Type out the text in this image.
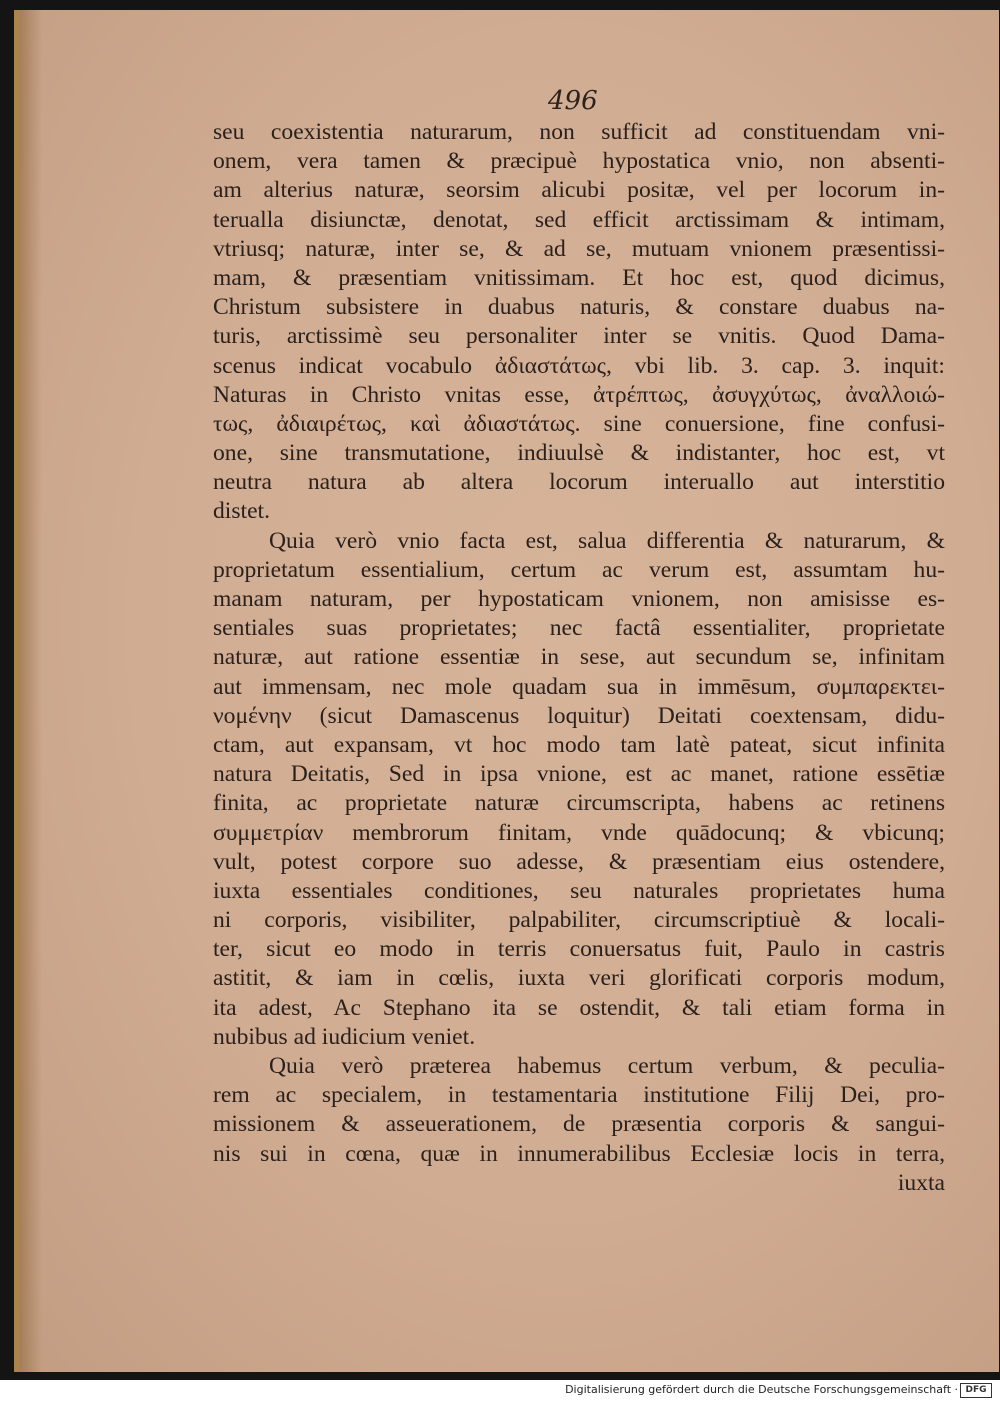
496
seu coexistentia naturarum, non sufficit ad constituendam vni-
onem, vera tamen & præcipuè hypostatica vnio, non absenti-
am alterius naturæ, seorsim alicubi positæ, vel per locorum in-
terualla disiunctæ, denotat, sed efficit arctissimam & intimam,
vtriusq; naturæ, inter se, & ad se, mutuam vnionem præsentissi-
mam, & præsentiam vnitissimam. Et hoc est, quod dicimus,
Christum subsistere in duabus naturis, & constare duabus na-
turis, arctissimè seu personaliter inter se vnitis. Quod Dama-
scenus indicat vocabulo ἀδιαστάτως, vbi lib. 3. cap. 3. inquit:
Naturas in Christo vnitas esse, ἀτρέπτως, ἀσυγχύτως, ἀναλλοιώ-
τως, ἀδιαιρέτως, καὶ ἀδιαστάτως. sine conuersione, fine confusi-
one, sine transmutatione, indiuulsè & indistanter, hoc est, vt
neutra natura ab altera locorum interuallo aut interstitio
distet.
Quia verò vnio facta est, salua differentia & naturarum, &
proprietatum essentialium, certum ac verum est, assumtam hu-
manam naturam, per hypostaticam vnionem, non amisisse es-
sentiales suas proprietates; nec factâ essentialiter, proprietate
naturæ, aut ratione essentiæ in sese, aut secundum se, infinitam
aut immensam, nec mole quadam sua in immēsum, συμπαρεκτει-
νομένην (sicut Damascenus loquitur) Deitati coextensam, didu-
ctam, aut expansam, vt hoc modo tam latè pateat, sicut infinita
natura Deitatis, Sed in ipsa vnione, est ac manet, ratione essētiæ
finita, ac proprietate naturæ circumscripta, habens ac retinens
συμμετρίαν membrorum finitam, vnde quādocunq; & vbicunq;
vult, potest corpore suo adesse, & præsentiam eius ostendere,
iuxta essentiales conditiones, seu naturales proprietates huma
ni corporis, visibiliter, palpabiliter, circumscriptiuè & locali-
ter, sicut eo modo in terris conuersatus fuit, Paulo in castris
astitit, & iam in cœlis, iuxta veri glorificati corporis modum,
ita adest, Ac Stephano ita se ostendit, & tali etiam forma in
nubibus ad iudicium veniet.
Quia verò præterea habemus certum verbum, & peculia-
rem ac specialem, in testamentaria institutione Filij Dei, pro-
missionem & asseuerationem, de præsentia corporis & sangui-
nis sui in cœna, quæ in innumerabilibus Ecclesiæ locis in terra,
iuxta
Digitalisierung gefördert durch die Deutsche Forschungsgemeinschaft · DFG
